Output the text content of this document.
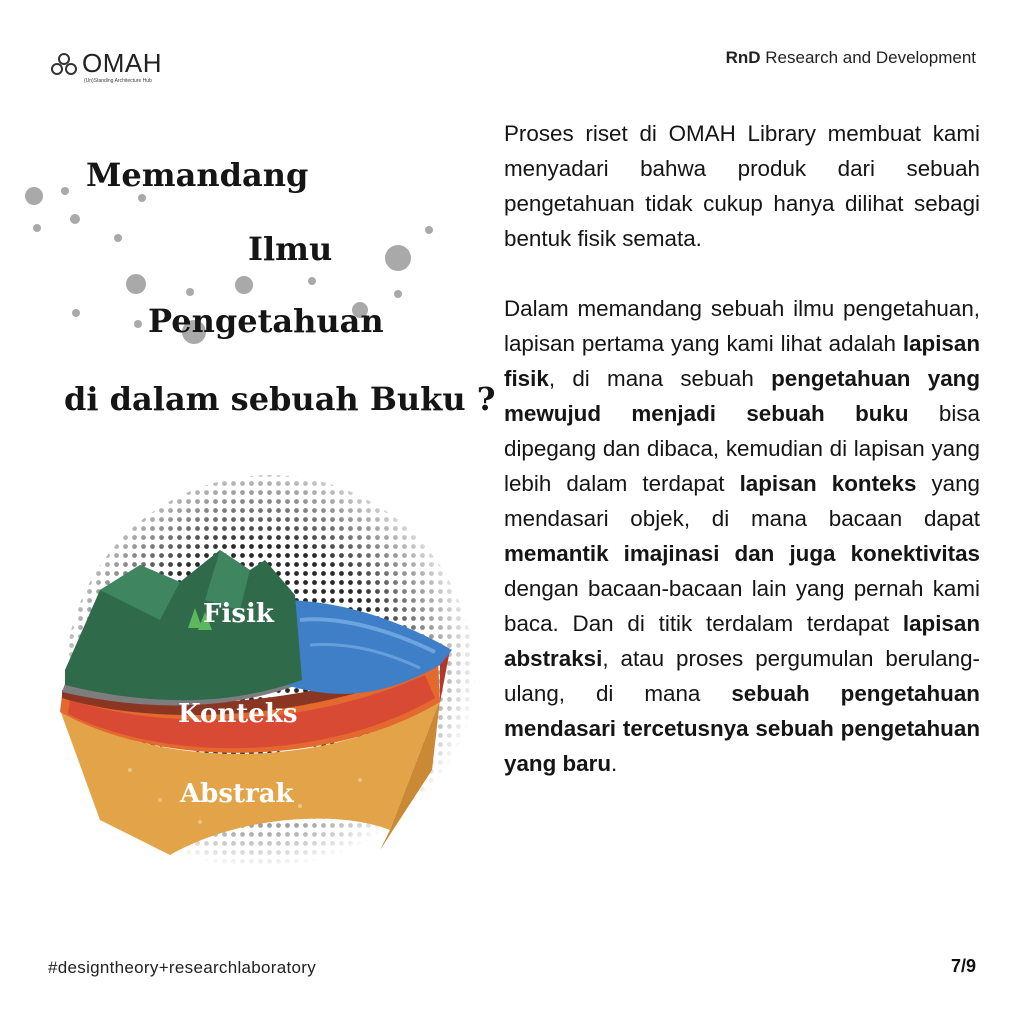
OMAH
(Un)Standing Architecture Hub
RnD Research and Development
Memandang
Ilmu
Pengetahuan
di dalam sebuah Buku ?
Fisik
Konteks
Abstrak

Proses riset di OMAH Library membuat kami menyadari bahwa produk dari sebuah pengetahuan tidak cukup hanya dilihat sebagi bentuk fisik semata.

Dalam memandang sebuah ilmu pengetahuan, lapisan pertama yang kami lihat adalah lapisan fisik, di mana sebuah pengetahuan yang mewujud menjadi sebuah buku bisa dipegang dan dibaca, kemudian di lapisan yang lebih dalam terdapat lapisan konteks yang mendasari objek, di mana bacaan dapat memantik imajinasi dan juga konektivitas dengan bacaan-bacaan lain yang pernah kami baca. Dan di titik terdalam terdapat lapisan abstraksi, atau proses pergumulan berulang-ulang, di mana sebuah pengetahuan mendasari tercetusnya sebuah pengetahuan yang baru.

#designtheory+researchlaboratory	7/9
